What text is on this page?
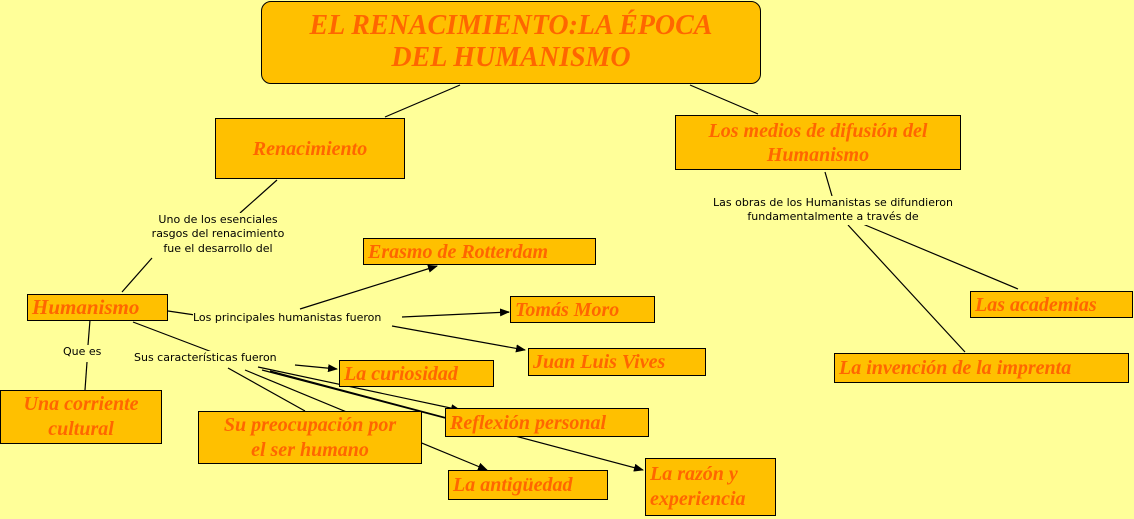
EL RENACIMIENTO:LA ÉPOCA
DEL HUMANISMO
Renacimiento
Los medios de difusión del
Humanismo
Erasmo de Rotterdam
Humanismo	Tomás Moro
Juan Luis Vives
Las academias
La invención de la imprenta
La curiosidad
Una corriente
cultural	Su preocupación por
el ser humano
Reflexión personal
La antigüedad	La razón y
experiencia
Uno de los esenciales
rasgos del renacimiento
fue el desarrollo del
Las obras de los Humanistas se difundieron
fundamentalmente a través de
Los principales humanistas fueron
Que es	Sus características fueron
